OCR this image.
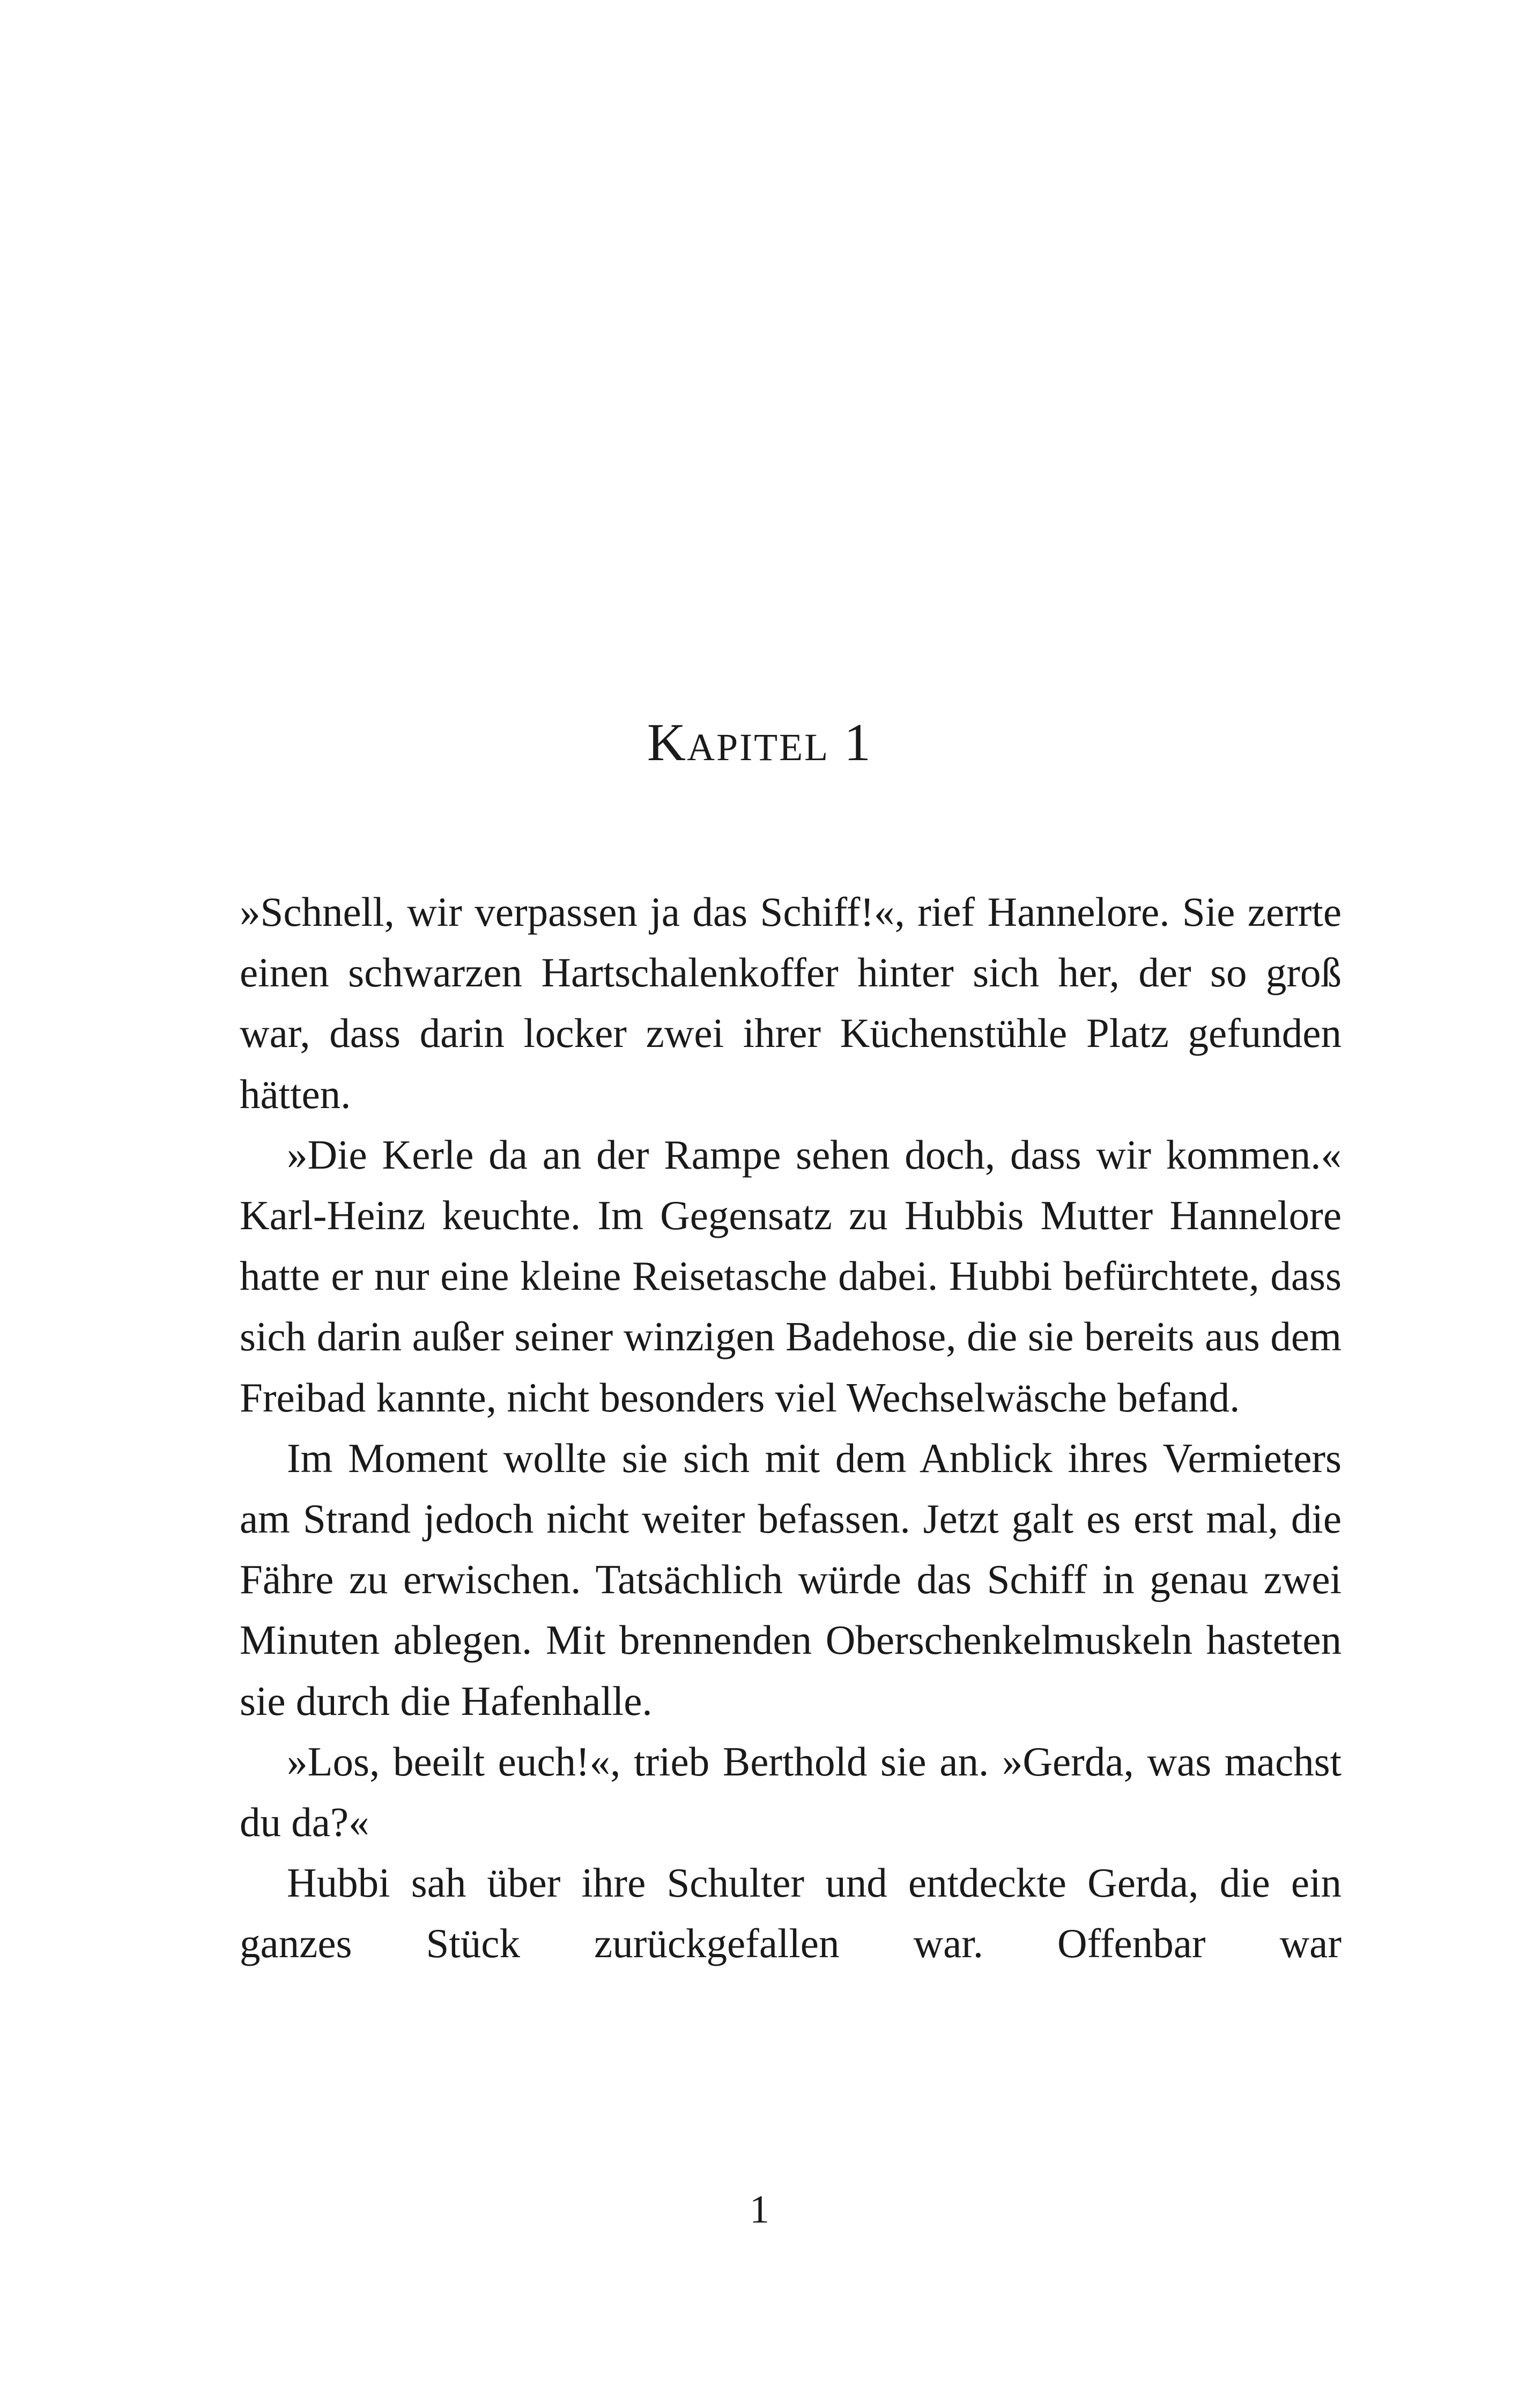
KAPITEL 1

»Schnell, wir verpassen ja das Schiff!«, rief Hannelore. Sie zerrte einen schwarzen Hartschalenkoffer hinter sich her, der so groß war, dass darin locker zwei ihrer Küchenstühle Platz gefunden hätten.

»Die Kerle da an der Rampe sehen doch, dass wir kommen.« Karl-Heinz keuchte. Im Gegensatz zu Hubbis Mutter Hannelore hatte er nur eine kleine Reisetasche dabei. Hubbi befürchtete, dass sich darin außer seiner winzigen Badehose, die sie bereits aus dem Freibad kannte, nicht besonders viel Wechselwäsche befand.

Im Moment wollte sie sich mit dem Anblick ihres Vermieters am Strand jedoch nicht weiter befassen. Jetzt galt es erst mal, die Fähre zu erwischen. Tatsächlich würde das Schiff in genau zwei Minuten ablegen. Mit brennenden Oberschenkelmuskeln hasteten sie durch die Hafenhalle.

»Los, beeilt euch!«, trieb Berthold sie an. »Gerda, was machst du da?«

Hubbi sah über ihre Schulter und entdeckte Gerda, die ein ganzes Stück zurückgefallen war. Offenbar war

1
